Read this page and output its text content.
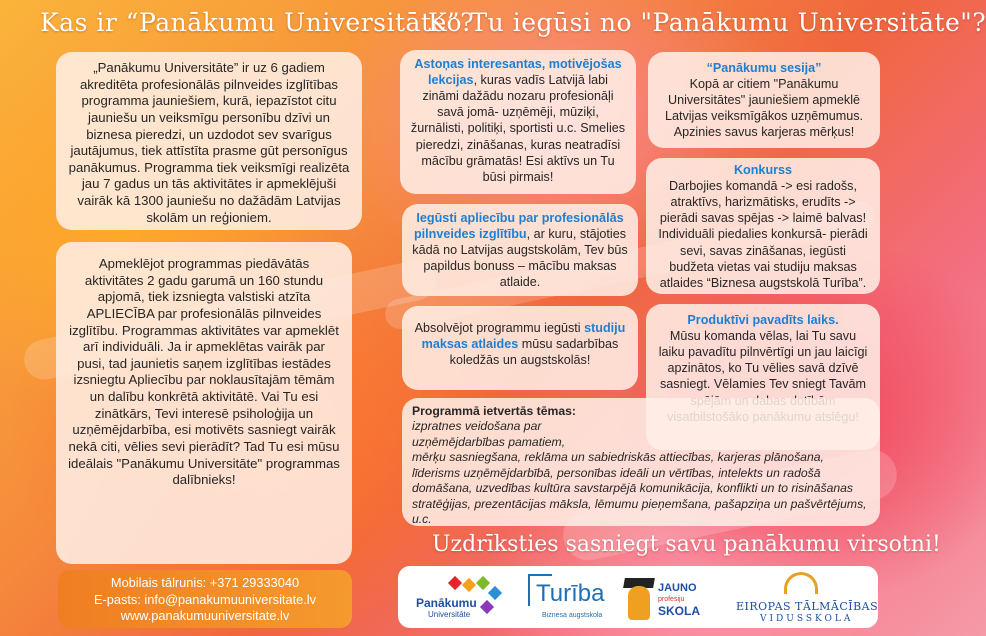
Kas ir “Panākumu Universitāte”?
Ko Tu iegūsi no "Panākumu Universitāte"?
„Panākumu Universitāte” ir uz 6 gadiem akreditēta profesionālās pilnveides izglītības programma jauniešiem, kurā, iepazīstot citu jauniešu un veiksmīgu personību dzīvi un biznesa pieredzi, un uzdodot sev svarīgus jautājumus, tiek attīstīta prasme gūt personīgus panākumus. Programma tiek veiksmīgi realizēta jau 7 gadus un tās aktivitātes ir apmeklējuši vairāk kā 1300 jauniešu no dažādām Latvijas skolām un reģioniem.
Apmeklējot programmas piedāvātās aktivitātes 2 gadu garumā un 160 stundu apjomā, tiek izsniegta valstiski atzīta APLIECĪBA par profesionālās pilnveides izglītību. Programmas aktivitātes var apmeklēt arī individuāli. Ja ir apmeklētas vairāk par pusi, tad jaunietis saņem izglītības iestādes izsniegtu Apliecību par noklausītajām tēmām un dalību konkrētā aktivitātē. Vai Tu esi zinātkārs, Tevi interesē psiholoģija un uzņēmējdarbība, esi motivēts sasniegt vairāk nekā citi, vēlies sevi pierādīt? Tad Tu esi mūsu ideālais "Panākumu Universitāte" programmas dalībnieks!
Astoņas interesantas, motivējošas lekcijas, kuras vadīs Latvijā labi zināmi dažādu nozaru profesionāļi savā jomā- uzņēmēji, mūziķi, žurnālisti, politiķi, sportisti u.c. Smelies pieredzi, zināšanas, kuras neatradīsi mācību grāmatās! Esi aktīvs un Tu būsi pirmais!
Iegūsti apliecību par profesionālās pilnveides izglītību, ar kuru, stājoties kādā no Latvijas augstskolām, Tev būs papildus bonuss – mācību maksas atlaide.
Absolvējot programmu iegūsti studiju maksas atlaides mūsu sadarbības koledžās un augstskolās!
“Panākumu sesija”
Kopā ar citiem "Panākumu Universitātes" jauniešiem apmeklē Latvijas veiksmīgākos uzņēmumus. Apzinies savus karjeras mērķus!
Konkurss
Darbojies komandā -> esi radošs, atraktīvs, harizmātisks, erudīts -> pierādi savas spējas -> laimē balvas! Individuāli piedalies konkursā- pierādi sevi, savas zināšanas, iegūsti budžeta vietas vai studiju maksas atlaides “Biznesa augstskolā Turība”.
Produktīvi pavadīts laiks.
Mūsu komanda vēlas, lai Tu savu laiku pavadītu pilnvērtīgi un jau laicīgi apzinātos, ko Tu vēlies savā dzīvē sasniegt. Vēlamies Tev sniegt Tavām
Programmā ietvertās tēmas:
izpratnes veidošana par uzņēmējdarbības pamatiem,
mērķu sasniegšana, reklāma un sabiedriskās attiecības, karjeras plānošana, līderisms uzņēmējdarbībā, personības ideāli un vērtības, intelekts un radošā domāšana, uzvedības kultūra savstarpējā komunikācija, konflikti un to risināšanas stratēģijas, prezentācijas māksla, lēmumu pieņemšana, pašapziņa un pašvērtējums, u.c.
Uzdrīksties sasniegt savu panākumu virsotni!
Mobilais tālrunis: +371 29333040
E-pasts: info@panakumuuniversitate.lv
www.panakumuuniversitate.lv
Panākumu
Universitāte
Turība
Biznesa augstskola
JAUNO
profesiju
SKOLA	EIROPAS TĀLMĀCĪBAS
VIDUSSKOLA
